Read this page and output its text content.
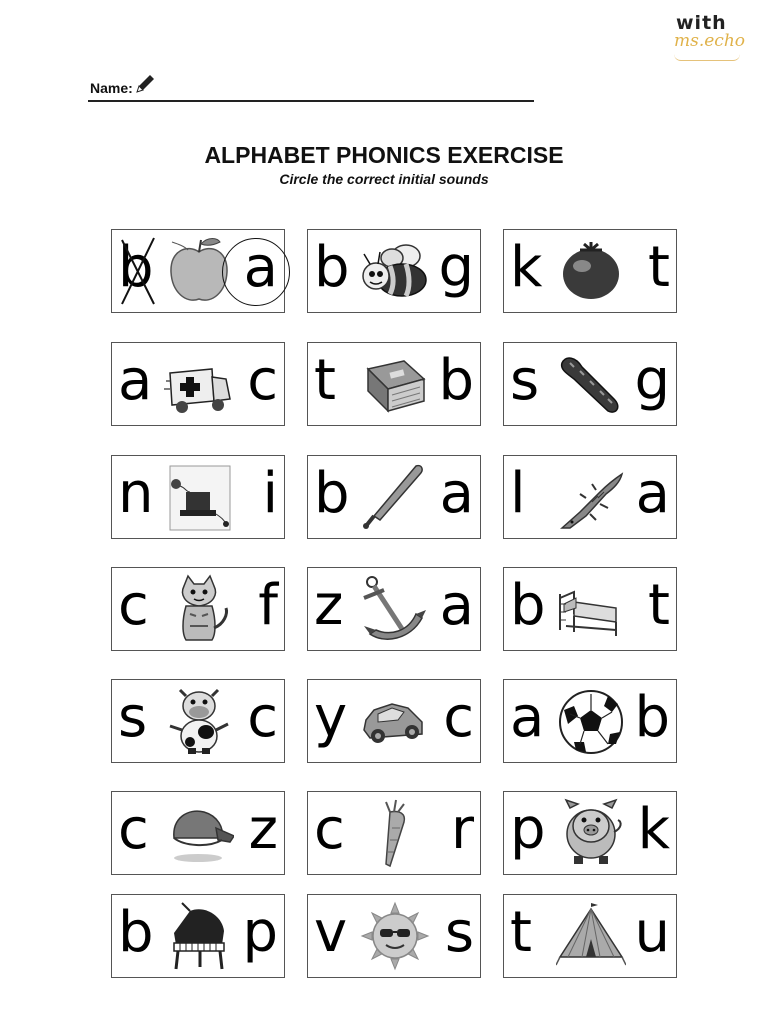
with
ms.echo
Name:
ALPHABET PHONICS EXERCISE
Circle the correct initial sounds
b a b g k t
a c t b s g
n i b a l a
c f z a b t
s c y c a b
c z c r p k
b p v s t u
